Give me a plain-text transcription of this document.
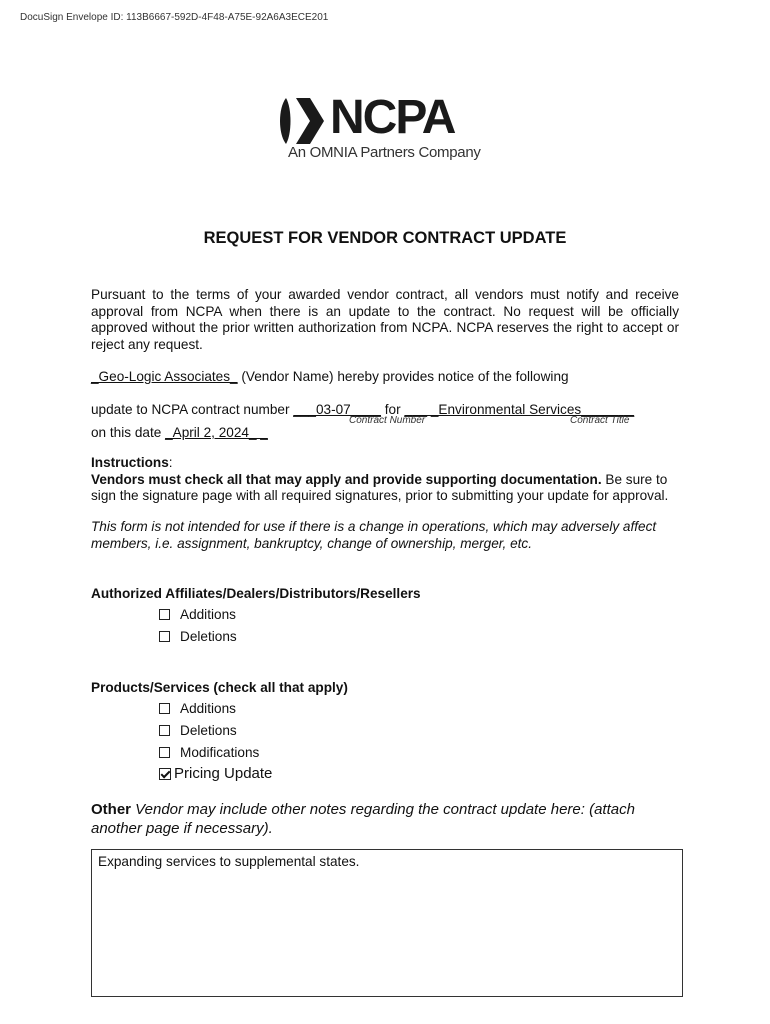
DocuSign Envelope ID: 113B6667-592D-4F48-A75E-92A6A3ECE201
NCPA
An OMNIA Partners Company
REQUEST FOR VENDOR CONTRACT UPDATE
Pursuant to the terms of your awarded vendor contract, all vendors must notify and receive approval from NCPA when there is an update to the contract. No request will be officially approved without the prior written authorization from NCPA. NCPA reserves the right to accept or reject any request.
_Geo-Logic Associates_ (Vendor Name) hereby provides notice of the following
update to NCPA contract number ___03-07____ for ___ _Environmental Services_______
Contract Number	Contract Title
on this date _April 2, 2024_ _
Instructions:
Vendors must check all that may apply and provide supporting documentation. Be sure to sign the signature page with all required signatures, prior to submitting your update for approval.
This form is not intended for use if there is a change in operations, which may adversely affect members, i.e. assignment, bankruptcy, change of ownership, merger, etc.
Authorized Affiliates/Dealers/Distributors/Resellers
Additions
Deletions
Products/Services (check all that apply)
Additions
Deletions
Modifications
Pricing Update
Other Vendor may include other notes regarding the contract update here: (attach another page if necessary).
Expanding services to supplemental states.
